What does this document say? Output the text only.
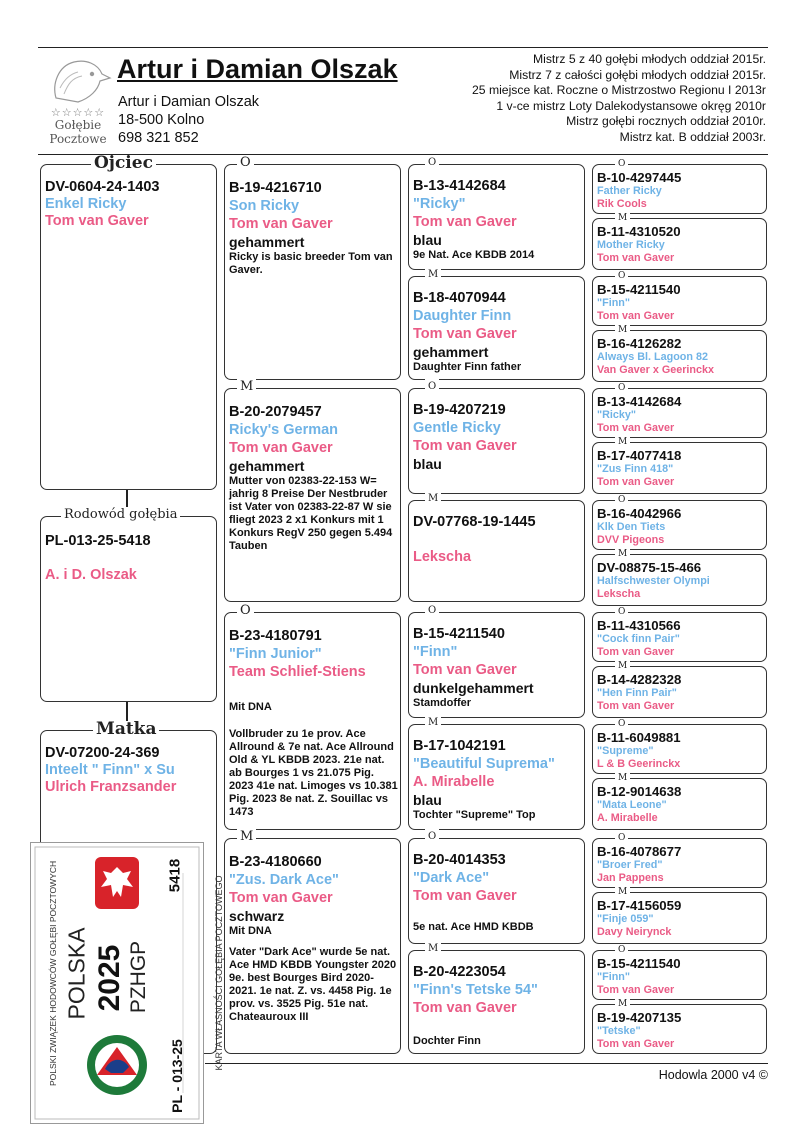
☆☆☆☆☆
Gołębie
Pocztowe
Artur i Damian Olszak
Artur i Damian Olszak
18-500 Kolno
698 321 852
Mistrz 5 z 40 gołębi młodych oddział 2015r.
Mistrz 7 z całości gołębi młodych oddział 2015r.
25 miejsce kat. Roczne o Mistrzostwo Regionu I 2013r
1 v-ce mistrz Loty Dalekodystansowe okręg 2010r
Mistrz gołębi rocznych oddział 2010r.
Mistrz kat. B oddział 2003r.
Ojciec
DV-0604-24-1403
Enkel Ricky
Tom van Gaver
Rodowód gołębia
PL-013-25-5418
A. i D. Olszak
Matka
DV-07200-24-369
Inteelt " Finn" x Su
Ulrich Franzsander
O
B-19-4216710
Son Ricky
Tom van Gaver
gehammert
Ricky is basic breeder Tom van Gaver.
M
B-20-2079457
Ricky's German
Tom van Gaver
gehammert
Mutter von 02383-22-153 W= jahrig 8 Preise Der Nestbruder ist Vater von 02383-22-87 W sie fliegt 2023 2 x1 Konkurs mit 1 Konkurs RegV 250 gegen 5.494 Tauben
O
B-23-4180791
"Finn Junior"
Team Schlief-Stiens
Mit DNA
Vollbruder zu 1e prov. Ace Allround & 7e nat. Ace Allround Old & YL KBDB 2023. 21e nat. ab Bourges 1 vs 21.075 Pig. 2023 41e nat. Limoges vs 10.381 Pig. 2023 8e nat. Z. Souillac vs 1473
M
B-23-4180660
"Zus. Dark Ace"
Tom van Gaver
schwarz
Mit DNA
Vater "Dark Ace" wurde 5e nat. Ace HMD KBDB Youngster 2020 9e. best Bourges Bird 2020-2021. 1e nat. Z. vs. 4458 Pig. 1e prov. vs. 3525 Pig. 51e nat. Chateauroux III
O
B-13-4142684
"Ricky"
Tom van Gaver
blau
9e Nat. Ace KBDB 2014
M
B-18-4070944
Daughter Finn
Tom van Gaver
gehammert
Daughter Finn father
O
B-19-4207219
Gentle Ricky
Tom van Gaver
blau
M
DV-07768-19-1445
Lekscha
O
B-15-4211540
"Finn"
Tom van Gaver
dunkelgehammert
Stamdoffer
M
B-17-1042191
"Beautiful Suprema"
A. Mirabelle
blau
Tochter "Supreme" Top
O
B-20-4014353
"Dark Ace"
Tom van Gaver
5e nat. Ace HMD KBDB
M
B-20-4223054
"Finn's Tetske 54"
Tom van Gaver
Dochter Finn
O
B-10-4297445
Father Ricky
Rik Cools
M
B-11-4310520
Mother Ricky
Tom van Gaver
O
B-15-4211540
"Finn"
Tom van Gaver
M
B-16-4126282
Always Bl. Lagoon 82
Van Gaver x Geerinckx
O
B-13-4142684
"Ricky"
Tom van Gaver
M
B-17-4077418
"Zus Finn 418"
Tom van Gaver
O
B-16-4042966
Klk Den Tiets
DVV Pigeons
M
DV-08875-15-466
Halfschwester Olympi
Lekscha
O
B-11-4310566
"Cock finn Pair"
Tom van Gaver
M
B-14-4282328
"Hen Finn Pair"
Tom van Gaver
O
B-11-6049881
"Supreme"
L & B Geerinckx
M
B-12-9014638
"Mata Leone"
A. Mirabelle
O
B-16-4078677
"Broer Fred"
Jan Pappens
M
B-17-4156059
"Finje 059"
Davy Neirynck
O
B-15-4211540
"Finn"
Tom van Gaver
M
B-19-4207135
"Tetske"
Tom van Gaver
POLSKI ZWIĄZEK HODOWCÓW GOŁĘBI POCZTOWYCH POLSKA 2025 PZHGP
5418
PL - 013-25
KARTA WŁASNOŚCI GOŁĘBIA POCZTOWEGO
Hodowla 2000 v4 ©
